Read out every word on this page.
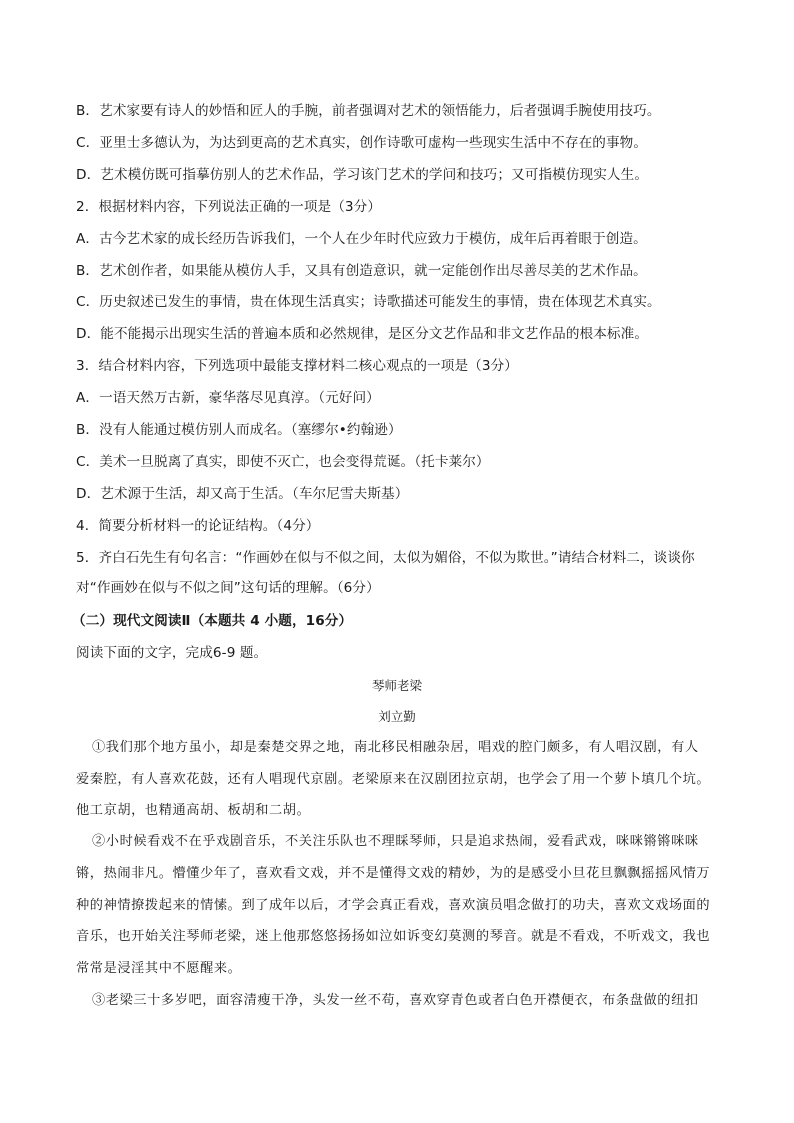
B．艺术家要有诗人的妙悟和匠人的手腕，前者强调对艺术的领悟能力，后者强调手腕使用技巧。
C．亚里士多德认为，为达到更高的艺术真实，创作诗歌可虚构一些现实生活中不存在的事物。
D．艺术模仿既可指摹仿别人的艺术作品，学习该门艺术的学问和技巧；又可指模仿现实人生。
2．根据材料内容，下列说法正确的一项是（3分）
A．古今艺术家的成长经历告诉我们，一个人在少年时代应致力于模仿，成年后再着眼于创造。
B．艺术创作者，如果能从模仿人手，又具有创造意识，就一定能创作出尽善尽美的艺术作品。
C．历史叙述已发生的事情，贵在体现生活真实；诗歌描述可能发生的事情，贵在体现艺术真实。
D．能不能揭示出现实生活的普遍本质和必然规律，是区分文艺作品和非文艺作品的根本标准。
3．结合材料内容，下列选项中最能支撑材料二核心观点的一项是（3分）
A．一语天然万古新，豪华落尽见真淳。（元好问）
B．没有人能通过模仿别人而成名。（塞缪尔•约翰逊）
C．美术一旦脱离了真实，即使不灭亡，也会变得荒诞。（托卡莱尔）
D．艺术源于生活，却又高于生活。（车尔尼雪夫斯基）
4．简要分析材料一的论证结构。（4分）
5．齐白石先生有句名言：“作画妙在似与不似之间，太似为媚俗，不似为欺世。”请结合材料二，谈谈你
对“作画妙在似与不似之间”这句话的理解。（6分）
（二）现代文阅读Ⅱ（本题共 4 小题，16分）
阅读下面的文字，完成6-9 题。
琴师老梁
刘立勤
①我们那个地方虽小，却是秦楚交界之地，南北移民相融杂居，唱戏的腔门颇多，有人唱汉剧，有人
爱秦腔，有人喜欢花鼓，还有人唱现代京剧。老梁原来在汉剧团拉京胡，也学会了用一个萝卜填几个坑。
他工京胡，也精通高胡、板胡和二胡。
②小时候看戏不在乎戏剧音乐，不关注乐队也不理睬琴师，只是追求热闹，爱看武戏，咪咪锵锵咪咪
锵，热闹非凡。懵懂少年了，喜欢看文戏，并不是懂得文戏的精妙，为的是感受小旦花旦飘飘摇摇风情万
种的神情撩拨起来的情愫。到了成年以后，才学会真正看戏，喜欢演员唱念做打的功夫，喜欢文戏场面的
音乐，也开始关注琴师老梁，迷上他那悠悠扬扬如泣如诉变幻莫测的琴音。就是不看戏，不听戏文，我也
常常是浸淫其中不愿醒来。
③老梁三十多岁吧，面容清瘦干净，头发一丝不苟，喜欢穿青色或者白色开襟便衣，布条盘做的纽扣
